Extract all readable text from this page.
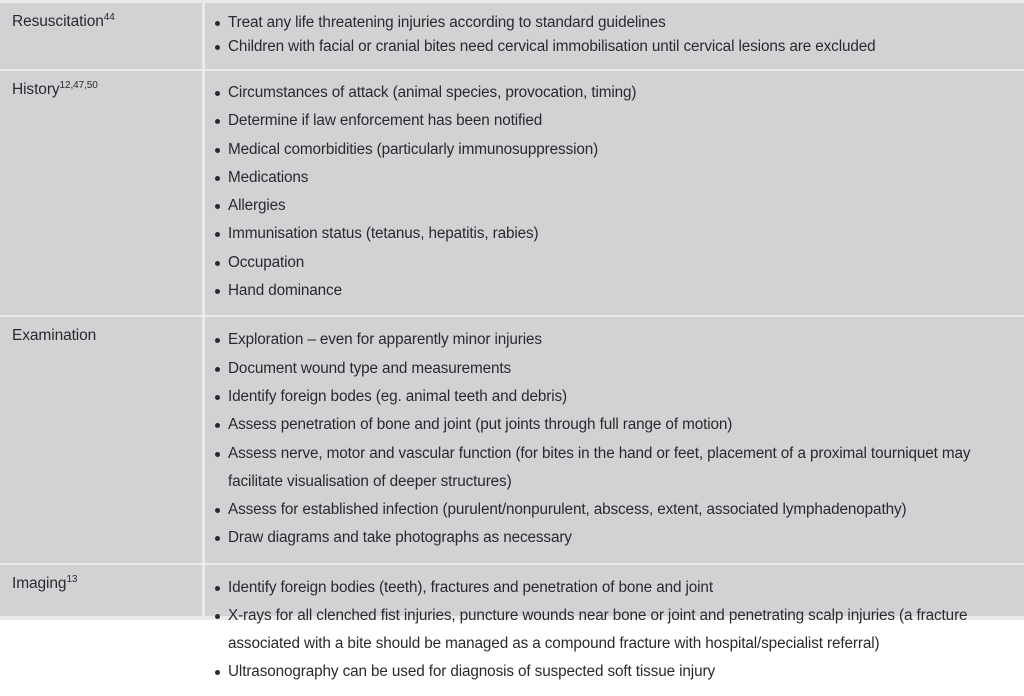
Resuscitation$^{44}$	Treat any life threatening injuries according to standard guidelines
Children with facial or cranial bites need cervical immobilisation until cervical lesions are excluded
History$^{12,47,50}$	Circumstances of attack (animal species, provocation, timing)
Determine if law enforcement has been notified
Medical comorbidities (particularly immunosuppression)
Medications
Allergies
Immunisation status (tetanus, hepatitis, rabies)
Occupation
Hand dominance
Examination	Exploration – even for apparently minor injuries
Document wound type and measurements
Identify foreign bodes (eg. animal teeth and debris)
Assess penetration of bone and joint (put joints through full range of motion)
Assess nerve, motor and vascular function (for bites in the hand or feet, placement of a proximal tourniquet may facilitate visualisation of deeper structures)
Assess for established infection (purulent/nonpurulent, abscess, extent, associated lymphadenopathy)
Draw diagrams and take photographs as necessary
Imaging$^{13}$	Identify foreign bodies (teeth), fractures and penetration of bone and joint
X-rays for all clenched fist injuries, puncture wounds near bone or joint and penetrating scalp injuries (a fracture associated with a bite should be managed as a compound fracture with hospital/specialist referral)
Ultrasonography can be used for diagnosis of suspected soft tissue injury
